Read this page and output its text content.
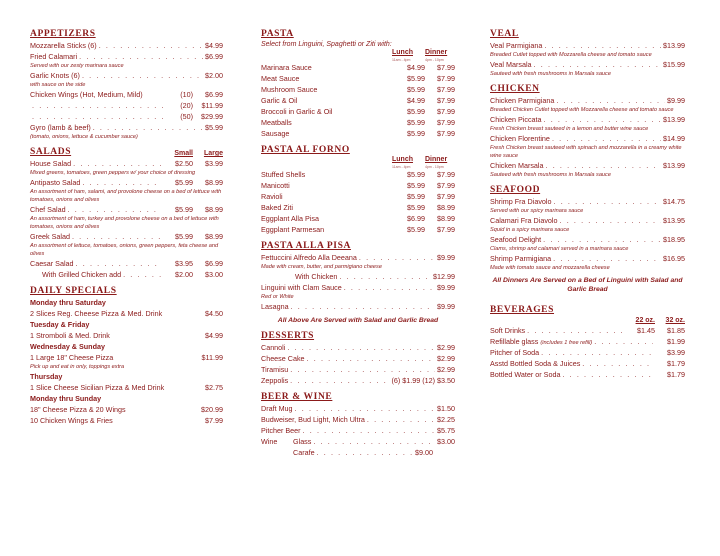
APPETIZERS
Mozzarella Sticks (6) . . .	$4.99
Fried Calamari . . .	$6.99
Served with our zesty marinara sauce
Garlic Knots (6) . . .	$2.00
with sauce on the side
Chicken Wings (Hot, Medium, Mild)	(10)	$6.99
. . .
(20)	$11.99
. . .
(50) $29.99
Gyro (lamb & beef) . . .	$5.99
(tomato, onions, lettuce & cucumber sauce)
SALADS	Small	Large
House Salad . . .	$2.50	$3.99
Mixed greens, tomatoes, green peppers w/ your choice of dressing
Antipasto Salad . . .	$5.99	$8.99
An assortment of ham, salami, and provolone cheese on a bed of lettuce with tomatoes, onions and olives
Chef Salad . . .	$5.99	$8.99
An assortment of ham, turkey and provolone cheese on a bed of lettuce with tomatoes, onions and olives
Greek Salad . . .	$5.99	$8.99
An assortment of lettuce, tomatoes, onions, green peppers, feta cheese and olives
Caesar Salad . . .	$3.95	$6.99
With Grilled Chicken add . . .	$2.00	$3.00
DAILY SPECIALS
Monday thru Saturday
2 Slices Reg. Cheese Pizza & Med. Drink	$4.50
Tuesday & Friday
1 Stromboli & Med. Drink	$4.99
Wednesday & Sunday
1 Large 18" Cheese Pizza	$11.99
Pick up and eat in only, toppings extra
Thursday
1 Slice Cheese Sicilian Pizza & Med Drink	$2.75
Monday thru Sunday
18" Cheese Pizza & 20 Wings	$20.99
10 Chicken Wings & Fries	$7.99
PASTA
Select from Linguini, Spaghetti or Ziti with:
Lunch Dinner
11am - 4pm	4pm - 10pm
Marinara Sauce	$4.99	$7.99
Meat Sauce	$5.99	$7.99
Mushroom Sauce	$5.99	$7.99
Garlic & Oil	$4.99	$7.99
Broccoli in Garlic & Oil	$5.99	$7.99
Meatballs	$5.99	$7.99
Sausage	$5.99	$7.99
PASTA AL FORNO
Lunch Dinner
11am - 4pm	4pm - 10pm
Stuffed Shells	$5.99	$7.99
Manicotti	$5.99	$7.99
Ravioli	$5.99	$7.99
Baked Ziti	$5.99	$8.99
Eggplant Alla Pisa	$6.99	$8.99
Eggplant Parmesan	$5.99	$7.99
PASTA ALLA PISA
Fettuccini Alfredo Alla Deeana . . .	$9.99
Made with cream, butter, and parmigiano cheese
With Chicken . . .	$12.99
Linguini with Clam Sauce . . .	$9.99
Red or White
Lasagna . . .	$9.99
All Above Are Served with Salad and Garlic Bread
DESSERTS
Cannoli . . .	$2.99
Cheese Cake . . .	$2.99
Tiramisu . . .	$2.99
Zeppolis . . .	(6) $1.99 (12) $3.50
BEER & WINE
Draft Mug . . .	$1.50
Budweiser, Bud Light, Mich Ultra . . .	$2.25
Pitcher Beer . . .	$5.75
Wine	Glass . . .	$3.00
Carafe . . .	$9.00
VEAL
Veal Parmigiana . . .	$13.99
Breaded Cutlet topped with Mozzarella cheese and tomato sauce
Veal Marsala . . .	$15.99
Sauteed with fresh mushrooms in Marsala sauce
CHICKEN
Chicken Parmigiana . . .	$9.99
Breaded Chicken Cutlet topped with Mozzarella cheese and tomato sauce
Chicken Piccata . . .	$13.99
Fresh Chicken breast sauteed in a lemon and butter wine sauce
Chicken Florentine . . .	$14.99
Fresh Chicken breast sauteed with spinach and mozzarella in a creamy white wine sauce
Chicken Marsala . . .	$13.99
Sauteed with fresh mushrooms in Marsala sauce
SEAFOOD
Shrimp Fra Diavolo . . .	$14.75
Served with our spicy marinara sauce
Calamari Fra Diavolo . . .	$13.95
Squid in a spicy marinara sauce
Seafood Delight . . .	$18.95
Clams, shrimp and calamari served in a marinara sauce
Shrimp Parmigiana . . .	$16.95
Made with tomato sauce and mozzarella cheese
All Dinners Are Served on a Bed of Linguini with Salad and Garlic Bread
BEVERAGES
22 oz.	32 oz.
Soft Drinks . . .	$1.45	$1.85
Refillable glass
(includes 1 free refill) . . .	$1.99
Pitcher of Soda . . .	$3.99
Asstd Bottled Soda & Juices . . .	$1.79
Bottled Water or Soda . . .	$1.79
